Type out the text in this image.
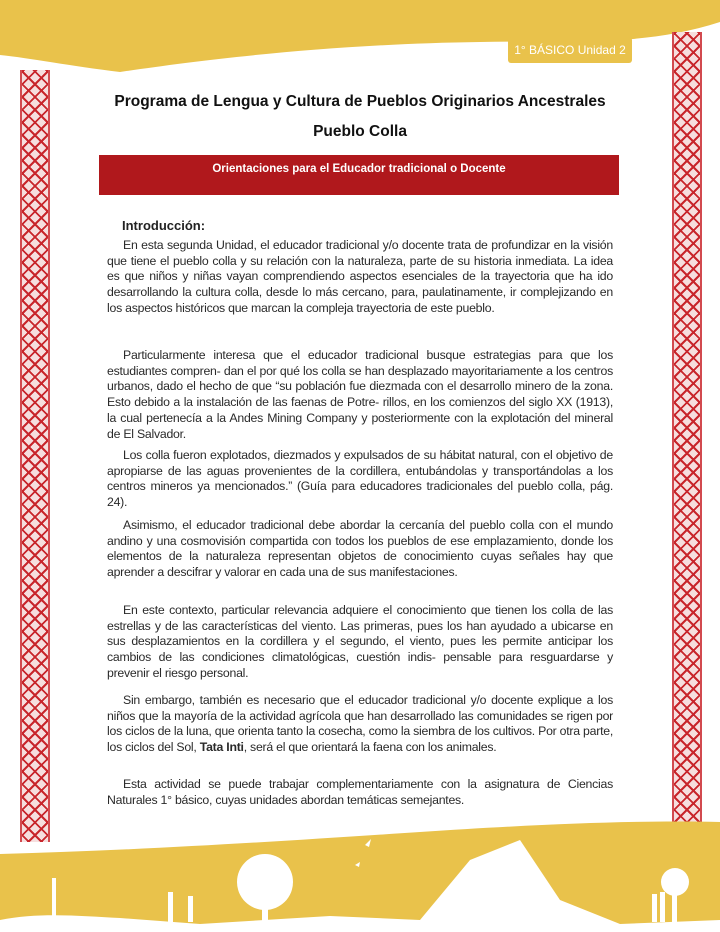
1° BÁSICO Unidad 2
Programa de Lengua y Cultura de Pueblos Originarios Ancestrales
Pueblo Colla
Orientaciones para el Educador tradicional o Docente
Introducción:

En esta segunda Unidad, el educador tradicional y/o docente trata de profundizar en la visión que tiene el pueblo colla y su relación con la naturaleza, parte de su historia inmediata. La idea es que niños y niñas vayan comprendiendo aspectos esenciales de la trayectoria que ha ido desarrollando la cultura colla, desde lo más cercano, para, paulatinamente, ir complejizando en los aspectos históricos que marcan la compleja trayectoria de este pueblo.

Particularmente interesa que el educador tradicional busque estrategias para que los estudiantes compren- dan el por qué los colla se han desplazado mayoritariamente a los centros urbanos, dado el hecho de que “su población fue diezmada con el desarrollo minero de la zona. Esto debido a la instalación de las faenas de Potre- rillos, en los comienzos del siglo XX (1913), la cual pertenecía a la Andes Mining Company y posteriormente con la explotación del mineral de El Salvador.

Los colla fueron explotados, diezmados y expulsados de su hábitat natural, con el objetivo de apropiarse de las aguas provenientes de la cordillera, entubándolas y transportándolas a los centros mineros ya mencionados.” (Guía para educadores tradicionales del pueblo colla, pág. 24).

Asimismo, el educador tradicional debe abordar la cercanía del pueblo colla con el mundo andino y una cosmovisión compartida con todos los pueblos de ese emplazamiento, donde los elementos de la naturaleza representan objetos de conocimiento cuyas señales hay que aprender a descifrar y valorar en cada una de sus manifestaciones.

En este contexto, particular relevancia adquiere el conocimiento que tienen los colla de las estrellas y de las características del viento. Las primeras, pues los han ayudado a ubicarse en sus desplazamientos en la cordillera y el segundo, el viento, pues les permite anticipar los cambios de las condiciones climatológicas, cuestión indis- pensable para resguardarse y prevenir el riesgo personal.

Sin embargo, también es necesario que el educador tradicional y/o docente explique a los niños que la mayoría de la actividad agrícola que han desarrollado las comunidades se rigen por los ciclos de la luna, que orienta tanto la cosecha, como la siembra de los cultivos. Por otra parte, los ciclos del Sol, Tata Inti, será el que orientará la faena con los animales.

Esta actividad se puede trabajar complementariamente con la asignatura de Ciencias Naturales 1° básico, cuyas unidades abordan temáticas semejantes.
